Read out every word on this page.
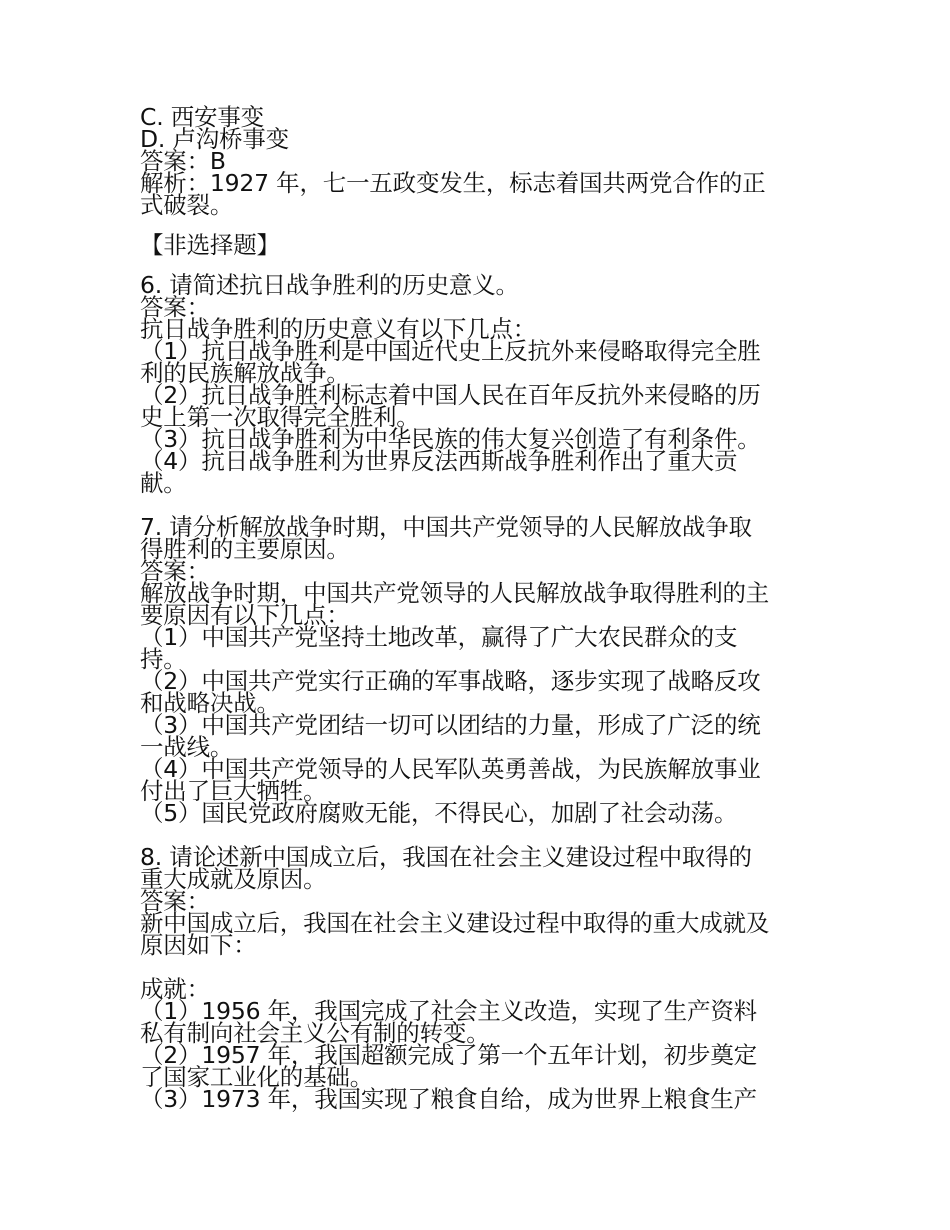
C. 西安事变
D. 卢沟桥事变
答案：B
解析：1927 年，七一五政变发生，标志着国共两党合作的正
式破裂。
【非选择题】
6. 请简述抗日战争胜利的历史意义。
答案：
抗日战争胜利的历史意义有以下几点：
（1）抗日战争胜利是中国近代史上反抗外来侵略取得完全胜
利的民族解放战争。
（2）抗日战争胜利标志着中国人民在百年反抗外来侵略的历
史上第一次取得完全胜利。
（3）抗日战争胜利为中华民族的伟大复兴创造了有利条件。
（4）抗日战争胜利为世界反法西斯战争胜利作出了重大贡
献。
7. 请分析解放战争时期，中国共产党领导的人民解放战争取
得胜利的主要原因。
答案：
解放战争时期，中国共产党领导的人民解放战争取得胜利的主
要原因有以下几点：
（1）中国共产党坚持土地改革，赢得了广大农民群众的支
持。
（2）中国共产党实行正确的军事战略，逐步实现了战略反攻
和战略决战。
（3）中国共产党团结一切可以团结的力量，形成了广泛的统
一战线。
（4）中国共产党领导的人民军队英勇善战，为民族解放事业
付出了巨大牺牲。
（5）国民党政府腐败无能，不得民心，加剧了社会动荡。
8. 请论述新中国成立后，我国在社会主义建设过程中取得的
重大成就及原因。
答案：
新中国成立后，我国在社会主义建设过程中取得的重大成就及
原因如下：
成就：
（1）1956 年，我国完成了社会主义改造，实现了生产资料
私有制向社会主义公有制的转变。
（2）1957 年，我国超额完成了第一个五年计划，初步奠定
了国家工业化的基础。
（3）1973 年，我国实现了粮食自给，成为世界上粮食生产
